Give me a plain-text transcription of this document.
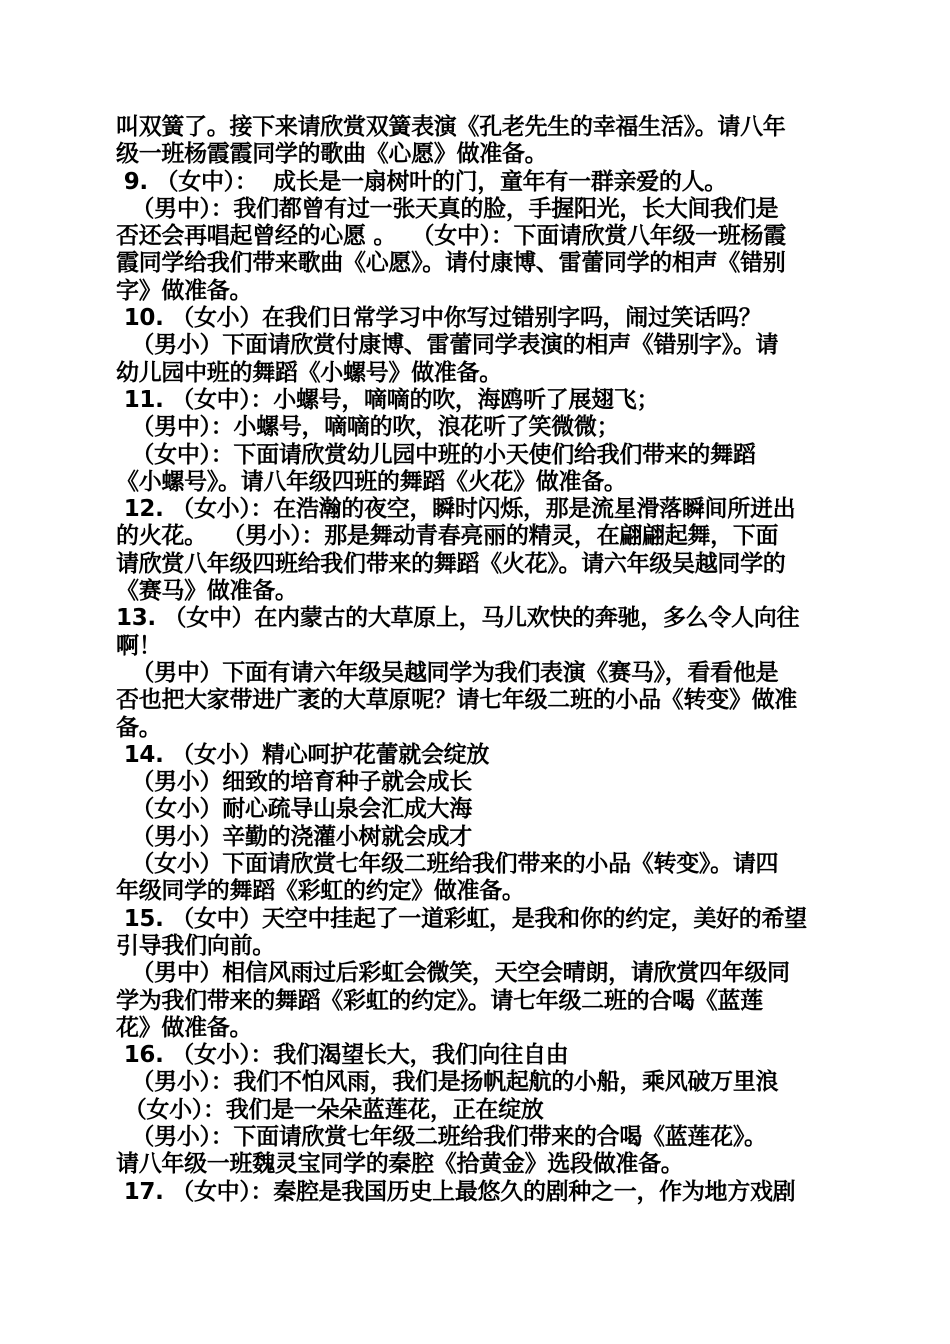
叫双簧了。接下来请欣赏双簧表演《孔老先生的幸福生活》。请八年
级一班杨霞霞同学的歌曲《心愿》做准备。
9. （女中）：  成长是一扇树叶的门，童年有一群亲爱的人。
（男中）：我们都曾有过一张天真的脸，手握阳光，长大间我们是
否还会再唱起曾经的心愿 。  （女中）：下面请欣赏八年级一班杨霞
霞同学给我们带来歌曲《心愿》。请付康博、雷蕾同学的相声《错别
字》做准备。
10. （女小）在我们日常学习中你写过错别字吗，闹过笑话吗？
（男小）下面请欣赏付康博、雷蕾同学表演的相声《错别字》。请
幼儿园中班的舞蹈《小螺号》做准备。
11. （女中）：小螺号，嘀嘀的吹，海鸥听了展翅飞；
（男中）：小螺号，嘀嘀的吹，浪花听了笑微微；
（女中）：下面请欣赏幼儿园中班的小天使们给我们带来的舞蹈
《小螺号》。请八年级四班的舞蹈《火花》做准备。
12. （女小）：在浩瀚的夜空，瞬时闪烁，那是流星滑落瞬间所迸出
的火花。  （男小）：那是舞动青春亮丽的精灵，在翩翩起舞，下面
请欣赏八年级四班给我们带来的舞蹈《火花》。请六年级吴越同学的
《赛马》做准备。
13. （女中）在内蒙古的大草原上，马儿欢快的奔驰，多么令人向往
啊！
（男中）下面有请六年级吴越同学为我们表演《赛马》，看看他是
否也把大家带进广袤的大草原呢？请七年级二班的小品《转变》做准
备。
14. （女小）精心呵护花蕾就会绽放
（男小）细致的培育种子就会成长
（女小）耐心疏导山泉会汇成大海
（男小）辛勤的浇灌小树就会成才
（女小）下面请欣赏七年级二班给我们带来的小品《转变》。请四
年级同学的舞蹈《彩虹的约定》做准备。
15. （女中）天空中挂起了一道彩虹，是我和你的约定，美好的希望
引导我们向前。
（男中）相信风雨过后彩虹会微笑，天空会晴朗，请欣赏四年级同
学为我们带来的舞蹈《彩虹的约定》。请七年级二班的合喝《蓝莲
花》做准备。
16. （女小）：我们渴望长大，我们向往自由
（男小）：我们不怕风雨，我们是扬帆起航的小船，乘风破万里浪
（女小）：我们是一朵朵蓝莲花，正在绽放
（男小）：下面请欣赏七年级二班给我们带来的合喝《蓝莲花》。
请八年级一班魏灵宝同学的秦腔《拾黄金》选段做准备。
17. （女中）：秦腔是我国历史上最悠久的剧种之一，作为地方戏剧
